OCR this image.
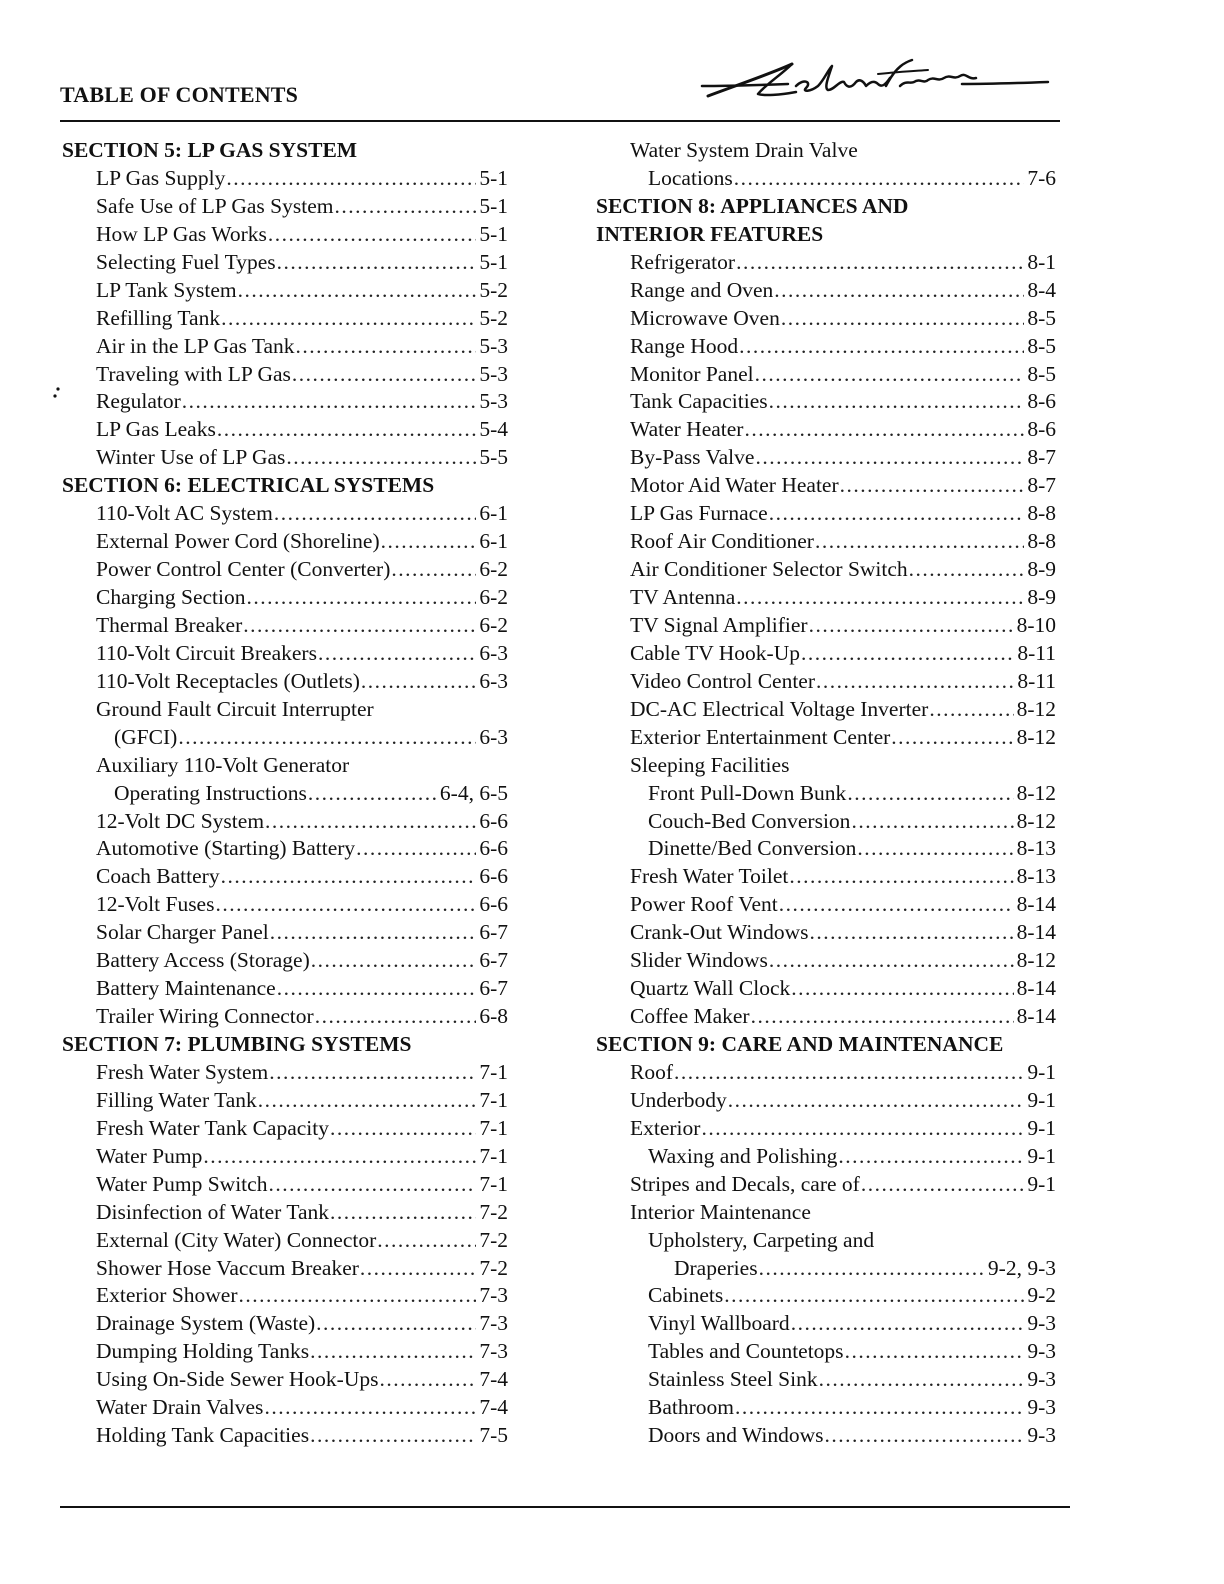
TABLE OF CONTENTS
SECTION 5: LP GAS SYSTEM
LP Gas Supply .....	5-1
Safe Use of LP Gas System .....	5-1
How LP Gas Works .....	5-1
Selecting Fuel Types .....	5-1
LP Tank System .....	5-2
Refilling Tank .....	5-2
Air in the LP Gas Tank .....	5-3
Traveling with LP Gas .....	5-3
Regulator .....	5-3
LP Gas Leaks .....	5-4
Winter Use of LP Gas .....	5-5
SECTION 6: ELECTRICAL SYSTEMS
110-Volt AC System .....	6-1
External Power Cord (Shoreline) .....	6-1
Power Control Center (Converter) .....	6-2
Charging Section .....	6-2
Thermal Breaker .....	6-2
110-Volt Circuit Breakers .....	6-3
110-Volt Receptacles (Outlets) .....	6-3
Ground Fault Circuit Interrupter
(GFCI) .....	6-3
Auxiliary 110-Volt Generator
Operating Instructions .....	6-4, 6-5
12-Volt DC System .....	6-6
Automotive (Starting) Battery .....	6-6
Coach Battery .....	6-6
12-Volt Fuses .....	6-6
Solar Charger Panel .....	6-7
Battery Access (Storage) .....	6-7
Battery Maintenance .....	6-7
Trailer Wiring Connector .....	6-8
SECTION 7: PLUMBING SYSTEMS
Fresh Water System .....	7-1
Filling Water Tank .....	7-1
Fresh Water Tank Capacity .....	7-1
Water Pump .....	7-1
Water Pump Switch .....	7-1
Disinfection of Water Tank .....	7-2
External (City Water) Connector .....	7-2
Shower Hose Vaccum Breaker .....	7-2
Exterior Shower .....	7-3
Drainage System (Waste) .....	7-3
Dumping Holding Tanks .....	7-3
Using On-Side Sewer Hook-Ups .....	7-4
Water Drain Valves .....	7-4
Holding Tank Capacities .....	7-5
Water System Drain Valve
Locations .....	7-6
SECTION 8: APPLIANCES AND
INTERIOR FEATURES
Refrigerator .....	8-1
Range and Oven .....	8-4
Microwave Oven .....	8-5
Range Hood .....	8-5
Monitor Panel .....	8-5
Tank Capacities .....	8-6
Water Heater .....	8-6
By-Pass Valve .....	8-7
Motor Aid Water Heater .....	8-7
LP Gas Furnace .....	8-8
Roof Air Conditioner .....	8-8
Air Conditioner Selector Switch .....	8-9
TV Antenna .....	8-9
TV Signal Amplifier .....	8-10
Cable TV Hook-Up .....	8-11
Video Control Center .....	8-11
DC-AC Electrical Voltage Inverter .....	8-12
Exterior Entertainment Center .....	8-12
Sleeping Facilities
Front Pull-Down Bunk .....	8-12
Couch-Bed Conversion .....	8-12
Dinette/Bed Conversion .....	8-13
Fresh Water Toilet .....	8-13
Power Roof Vent .....	8-14
Crank-Out Windows .....	8-14
Slider Windows .....	8-12
Quartz Wall Clock .....	8-14
Coffee Maker .....	8-14
SECTION 9: CARE AND MAINTENANCE
Roof .....	9-1
Underbody .....	9-1
Exterior .....	9-1
Waxing and Polishing .....	9-1
Stripes and Decals, care of .....	9-1
Interior Maintenance
Upholstery, Carpeting and
Draperies .....	9-2, 9-3
Cabinets .....	9-2
Vinyl Wallboard .....	9-3
Tables and Countetops .....	9-3
Stainless Steel Sink .....	9-3
Bathroom .....	9-3
Doors and Windows .....	9-3
